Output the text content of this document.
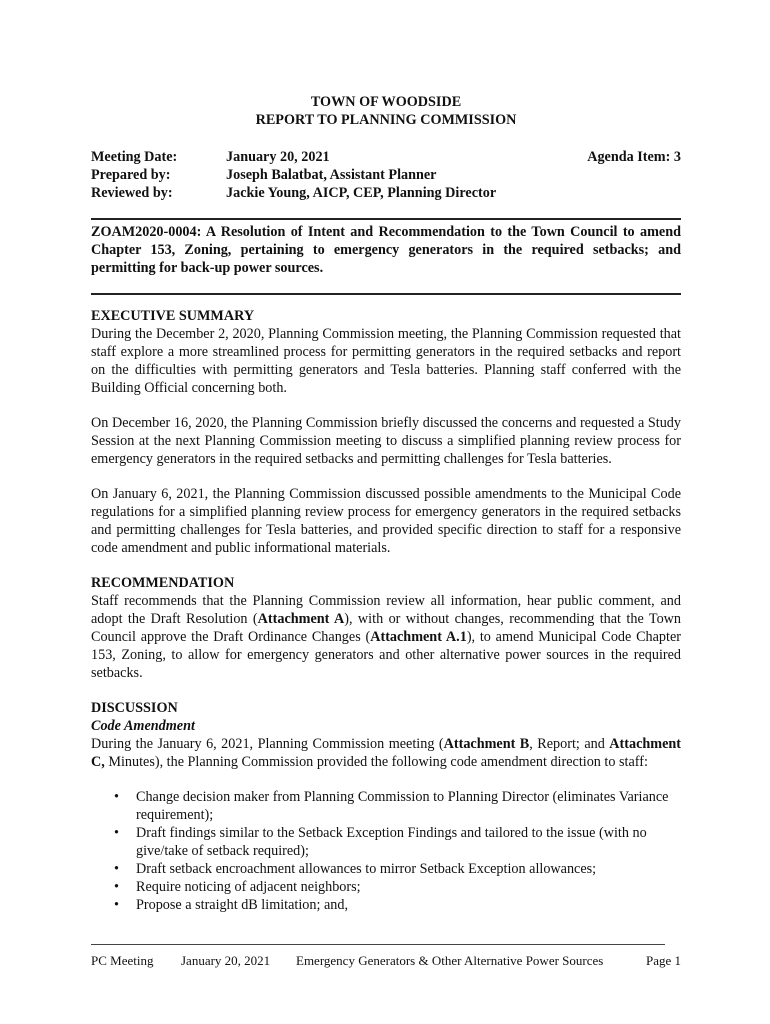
TOWN OF WOODSIDE
REPORT TO PLANNING COMMISSION
Meeting Date:
Prepared by:
Reviewed by:
January 20, 2021
Joseph Balatbat, Assistant Planner
Jackie Young, AICP, CEP, Planning Director
Agenda Item: 3
ZOAM2020-0004: A Resolution of Intent and Recommendation to the Town Council to amend Chapter 153, Zoning, pertaining to emergency generators in the required setbacks; and permitting for back-up power sources.
EXECUTIVE SUMMARY

During the December 2, 2020, Planning Commission meeting, the Planning Commission requested that staff explore a more streamlined process for permitting generators in the required setbacks and report on the difficulties with permitting generators and Tesla batteries. Planning staff conferred with the Building Official concerning both.

On December 16, 2020, the Planning Commission briefly discussed the concerns and requested a Study Session at the next Planning Commission meeting to discuss a simplified planning review process for emergency generators in the required setbacks and permitting challenges for Tesla batteries.

On January 6, 2021, the Planning Commission discussed possible amendments to the Municipal Code regulations for a simplified planning review process for emergency generators in the required setbacks and permitting challenges for Tesla batteries, and provided specific direction to staff for a responsive code amendment and public informational materials.

RECOMMENDATION

Staff recommends that the Planning Commission review all information, hear public comment, and adopt the Draft Resolution (Attachment A), with or without changes, recommending that the Town Council approve the Draft Ordinance Changes (Attachment A.1), to amend Municipal Code Chapter 153, Zoning, to allow for emergency generators and other alternative power sources in the required setbacks.

DISCUSSION
Code Amendment

During the January 6, 2021, Planning Commission meeting (Attachment B, Report; and Attachment C, Minutes), the Planning Commission provided the following code amendment direction to staff:

• Change decision maker from Planning Commission to Planning Director (eliminates Variance requirement);
• Draft findings similar to the Setback Exception Findings and tailored to the issue (with no give/take of setback required);
• Draft setback encroachment allowances to mirror Setback Exception allowances;
• Require noticing of adjacent neighbors;
• Propose a straight dB limitation; and,
PC Meeting January 20, 2021 Emergency Generators & Other Alternative Power Sources	Page 1
